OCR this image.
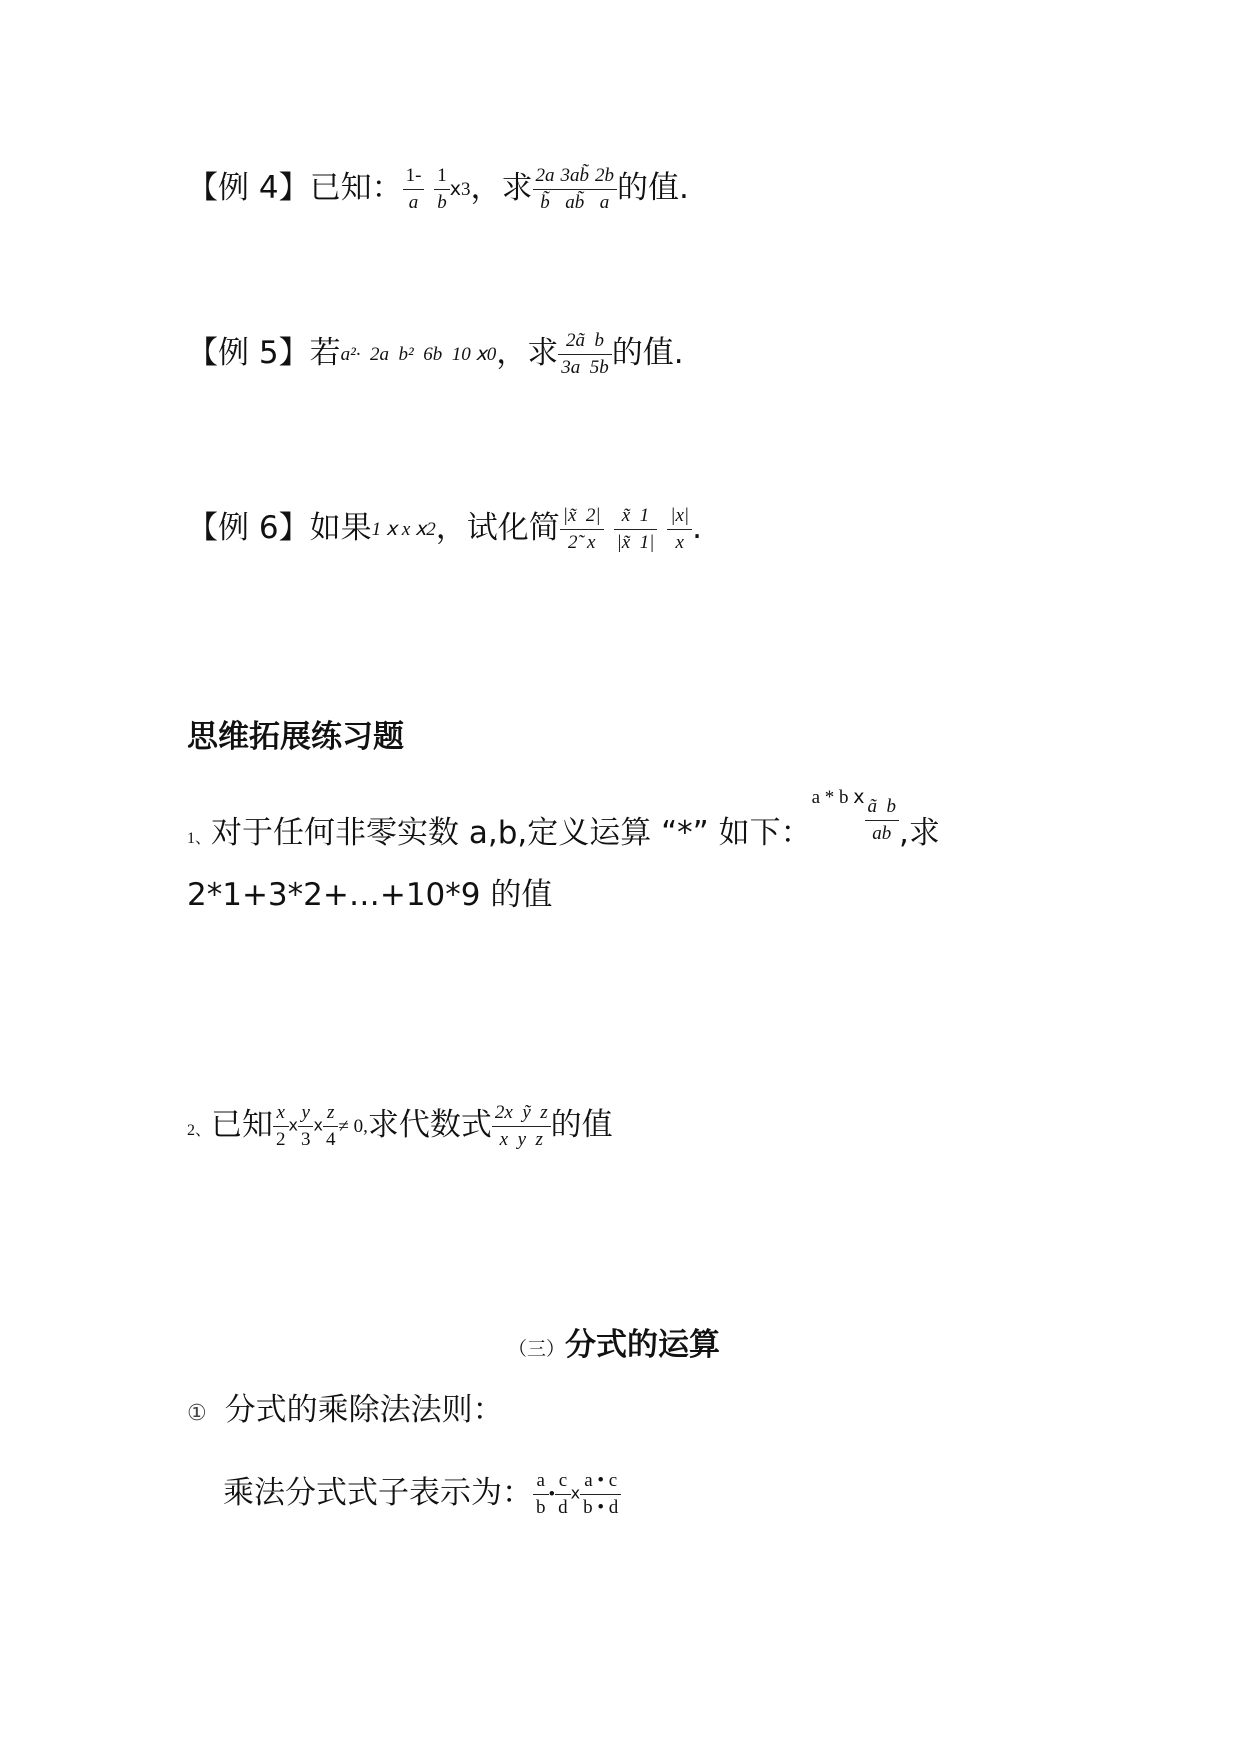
【例 4】已知： $\frac{1-}{a}$
$\frac{1}{b}$ ⅹ3，求 $\frac{2a}{b̃} \frac{3ab̃}{ab̃} \frac{2b}{a}$ 的值.
【例 5】若a²·  2a  b²  6b  10 ⅹ0，求 $\frac{\text{2ã  b}}{3a 5b}$ 的值.
【例 6】如果1 ⅹ x ⅹ2，试化简 $\frac{|x̃ 2|}{2̃ x}$
$\frac{x̃ 1}{|x̃ 1|}$
$\frac{|x|}{x}$ .
思维拓展练习题
1、对于任何非零实数 a,b,定义运算 “*” 如下：$^{a * b ⅹ} \frac{\text{ã  b}}{ab}$ ,求
2*1+3*2+…+10*9 的值
2、已知 $\frac{x}{2}$ ⅹ $\frac{y}{3}$ ⅹ $\frac{z}{4} \ne 0$,求代数式 $\frac{\text{2x  ỹ  z}}{\text{x  y  z}}$ 的值
（三）分式的运算
① 分式的乘除法法则：
乘法分式式子表示为： $\frac{a}{b}$ • $\frac{c}{d}$ ⅹ $\frac{a • c}{b • d}$
